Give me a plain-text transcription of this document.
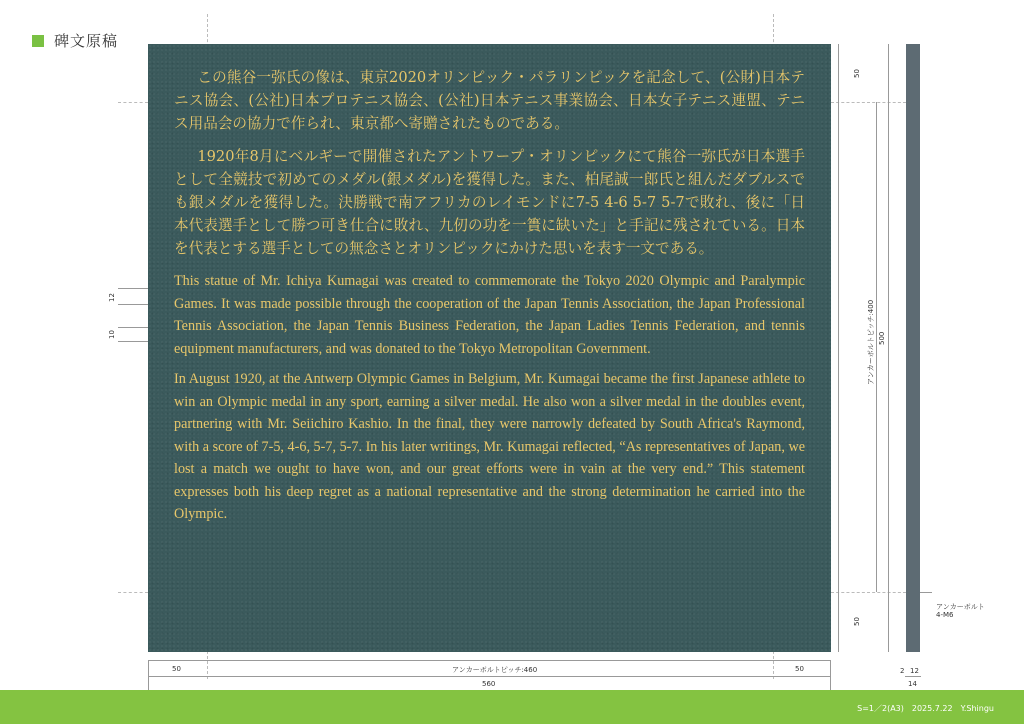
碑文原稿

この熊谷一弥氏の像は、東京2020オリンピック・パラリンピックを記念して、(公財)日本テニス協会、(公社)日本プロテニス協会、(公社)日本テニス事業協会、日本女子テニス連盟、テニス用品会の協力で作られ、東京都へ寄贈されたものである。

1920年8月にベルギーで開催されたアントワープ・オリンピックにて熊谷一弥氏が日本選手として全競技で初めてのメダル(銀メダル)を獲得した。また、柏尾誠一郎氏と組んだダブルスでも銀メダルを獲得した。決勝戦で南アフリカのレイモンドに7-5 4-6 5-7 5-7で敗れ、後に「日本代表選手として勝つ可き仕合に敗れ、九仞の功を一簣に缺いた」と手記に残されている。日本を代表とする選手としての無念さとオリンピックにかけた思いを表す一文である。

This statue of Mr. Ichiya Kumagai was created to commemorate the Tokyo 2020 Olympic and Paralympic Games. It was made possible through the cooperation of the Japan Tennis Association, the Japan Professional Tennis Association, the Japan Tennis Business Federation, the Japan Ladies Tennis Federation, and tennis equipment manufacturers, and was donated to the Tokyo Metropolitan Government.

In August 1920, at the Antwerp Olympic Games in Belgium, Mr. Kumagai became the first Japanese athlete to win an Olympic medal in any sport, earning a silver medal. He also won a silver medal in the doubles event, partnering with Mr. Seiichiro Kashio. In the final, they were narrowly defeated by South Africa's Raymond, with a score of 7-5, 4-6, 5-7, 5-7. In his later writings, Mr. Kumagai reflected, “As representatives of Japan, we lost a match we ought to have won, and our great efforts were in vain at the very end.” This statement expresses both his deep regret as a national representative and the strong determination he carried into the Olympic.

50
50
アンカーボルトピッチ:400 500
アンカーボルト
4-M6
12
10
50	50
アンカーボルトピッチ:460
560
2 12
14
S=1／2(A3)　2025.7.22　Y.Shingu
